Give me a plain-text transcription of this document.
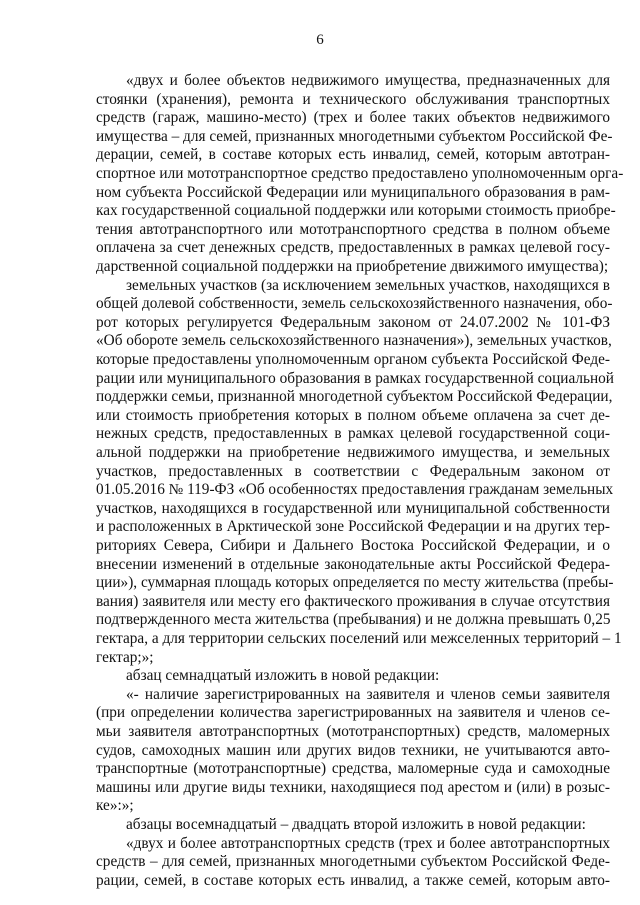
6
«двух и более объектов недвижимого имущества, предназначенных для
стоянки (хранения), ремонта и технического обслуживания транспортных
средств (гараж, машино-место) (трех и более таких объектов недвижимого
имущества – для семей, признанных многодетными субъектом Российской Фе-
дерации, семей, в составе которых есть инвалид, семей, которым автотран-
спортное или мототранспортное средство предоставлено уполномоченным орга-
ном субъекта Российской Федерации или муниципального образования в рам-
ках государственной социальной поддержки или которыми стоимость приобре-
тения автотранспортного или мототранспортного средства в полном объеме
оплачена за счет денежных средств, предоставленных в рамках целевой госу-
дарственной социальной поддержки на приобретение движимого имущества);
земельных участков (за исключением земельных участков, находящихся в
общей долевой собственности, земель сельскохозяйственного назначения, обо-
рот которых регулируется Федеральным законом от 24.07.2002 № 101-ФЗ
«Об обороте земель сельскохозяйственного назначения»), земельных участков,
которые предоставлены уполномоченным органом субъекта Российской Феде-
рации или муниципального образования в рамках государственной социальной
поддержки семьи, признанной многодетной субъектом Российской Федерации,
или стоимость приобретения которых в полном объеме оплачена за счет де-
нежных средств, предоставленных в рамках целевой государственной соци-
альной поддержки на приобретение недвижимого имущества, и земельных
участков, предоставленных в соответствии с Федеральным законом от
01.05.2016 № 119-ФЗ «Об особенностях предоставления гражданам земельных
участков, находящихся в государственной или муниципальной собственности
и расположенных в Арктической зоне Российской Федерации и на других тер-
риториях Севера, Сибири и Дальнего Востока Российской Федерации, и о
внесении изменений в отдельные законодательные акты Российской Федера-
ции»), суммарная площадь которых определяется по месту жительства (пребы-
вания) заявителя или месту его фактического проживания в случае отсутствия
подтвержденного места жительства (пребывания) и не должна превышать 0,25
гектара, а для территории сельских поселений или межселенных территорий – 1
гектар;»;
абзац семнадцатый изложить в новой редакции:
«- наличие зарегистрированных на заявителя и членов семьи заявителя
(при определении количества зарегистрированных на заявителя и членов се-
мьи заявителя автотранспортных (мототранспортных) средств, маломерных
судов, самоходных машин или других видов техники, не учитываются авто-
транспортные (мототранспортные) средства, маломерные суда и самоходные
машины или другие виды техники, находящиеся под арестом и (или) в розыс-
ке»:»;
абзацы восемнадцатый – двадцать второй изложить в новой редакции:
«двух и более автотранспортных средств (трех и более автотранспортных
средств – для семей, признанных многодетными субъектом Российской Феде-
рации, семей, в составе которых есть инвалид, а также семей, которым авто-
